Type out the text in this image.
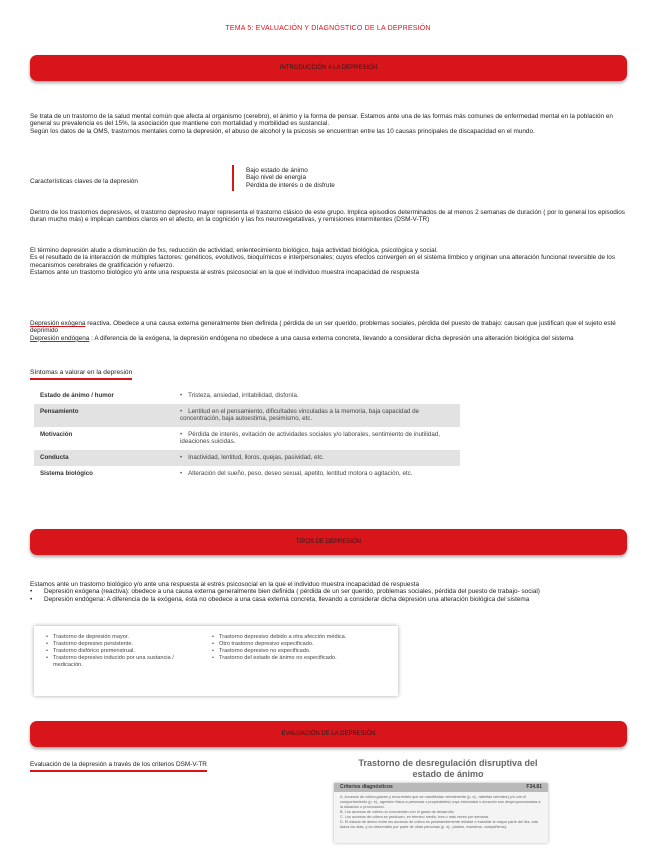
TEMA 5: EVALUACIÓN Y DIAGNÓSTICO DE LA DEPRESIÓN
INTRODUCCIÓN A LA DEPRESIÓN

Se trata de un trastorno de la salud mental común que afecta al organismo (cerebro), el ánimo y la forma de pensar. Estamos ante una de las formas más comunes de enfermedad mental en la población en general su prevalencia es del 15%, la asociación que mantiene con mortalidad y morbilidad es sustancial.

Según los datos de la OMS, trastornos mentales como la depresión, el abuso de alcohol y la psicosis se encuentran entre las 10 causas principales de discapacidad en el mundo.

Características claves de la depresión
Bajo estado de ánimo
Bajo nivel de energía
Pérdida de interés o de disfrute
Dentro de los trastornos depresivos, el trastorno depresivo mayor representa el trastorno clásico de este grupo. Implica episodios determinados de al menos 2 semanas de duración ( por lo general los episodios duran mucho más) e implican cambios claros en el afecto, en la cognición y las fxs neurovegetativas, y remisiones intermitentes (DSM-V-TR)

El término depresión alude a disminución de fxs, reducción de actividad, enlentecimiento biológico, baja actividad biológica, psicológica y social.

Es el resultado de la interacción de múltiples factores: genéticos, evolutivos, bioquímicos e interpersonales; cuyos efectos convergen en el sistema límbico y originan una alteración funcional reversible de los mecanismos cerebrales de gratificación y refuerzo.

Estamos ante un trastorno biológico y/o ante una respuesta al estrés psicosocial en la que el individuo muestra incapacidad de respuesta

Depresión exógena reactiva. Obedece a una causa externa generalmente bien definida ( pérdida de un ser querido, problemas sociales, pérdida del puesto de trabajo: causan que justifican que el sujeto esté deprimido

Depresión endógena : A diferencia de la exógena, la depresión endógena no obedece a una causa externa concreta, llevando a considerar dicha depresión una alteración biológica del sistema

Síntomas a valorar en la depresión
Estado de ánimo / humor	•Tristeza, ansiedad, irritabilidad, disfonía.
Pensamiento	•Lentitud en el pensamiento, dificultades vinculadas a la memoria, baja capacidad de concentración, baja autoestima, pesimismo, etc.
Motivación	•Pérdida de interés, evitación de actividades sociales y/o laborales, sentimiento de inutilidad, ideaciones suicidas.
Conducta	•Inactividad, lentitud, lloros, quejas, pasividad, etc.
Sistema biológico	•Alteración del sueño, peso, deseo sexual, apetito, lentitud motora o agitación, etc.
TIPOS DE DEPRESIÓN
Estamos ante un trastorno biológico y/o ante una respuesta al estrés psicosocial en la que el individuo muestra incapacidad de respuesta
• Depresión exógena (reactiva): obedece a una causa externa generalmente bien definida ( pérdida de un ser querido, problemas sociales, pérdida del puesto de trabajo- social)
• Depresión endógena: A diferencia de la exógena, ésta no obedece a una casa externa concreta, llevando a considerar dicha depresión una alteración biológica del sistema
• Trastorno de depresión mayor.
• Trastorno depresivo persistente.
• Trastorno disfórico premenstrual.
• Trastorno depresivo inducido por una sustancia / medicación.
• Trastorno depresivo debido a otra afección médica.
• Otro trastorno depresivo especificado.
• Trastorno depresivo no especificado.
• Trastorno del estado de ánimo no especificado.
EVALUACIÓN DE LA DEPRESIÓN
Evaluación de la depresión a través de los criterios DSM-V-TR	Trastorno de desregulación disruptiva del estado de ánimo
F34.81
Criterios diagnósticos
A. Accesos de cólera graves y recurrentes que se manifiestan verbalmente (p. ej., rabietas verbales) y/o con el comportamiento (p. ej., agresión física a personas o propiedades) cuya intensidad o duración son desproporcionadas a la situación o provocación.
B. Los accesos de cólera no concuerdan con el grado de desarrollo.
C. Los accesos de cólera se producen, en término medio, tres o más veces por semana.
D. El estado de ánimo entre los accesos de cólera es persistentemente irritable o irascible la mayor parte del día, casi todos los días, y es observable por parte de otras personas (p. ej., padres, maestros, compañeros).
